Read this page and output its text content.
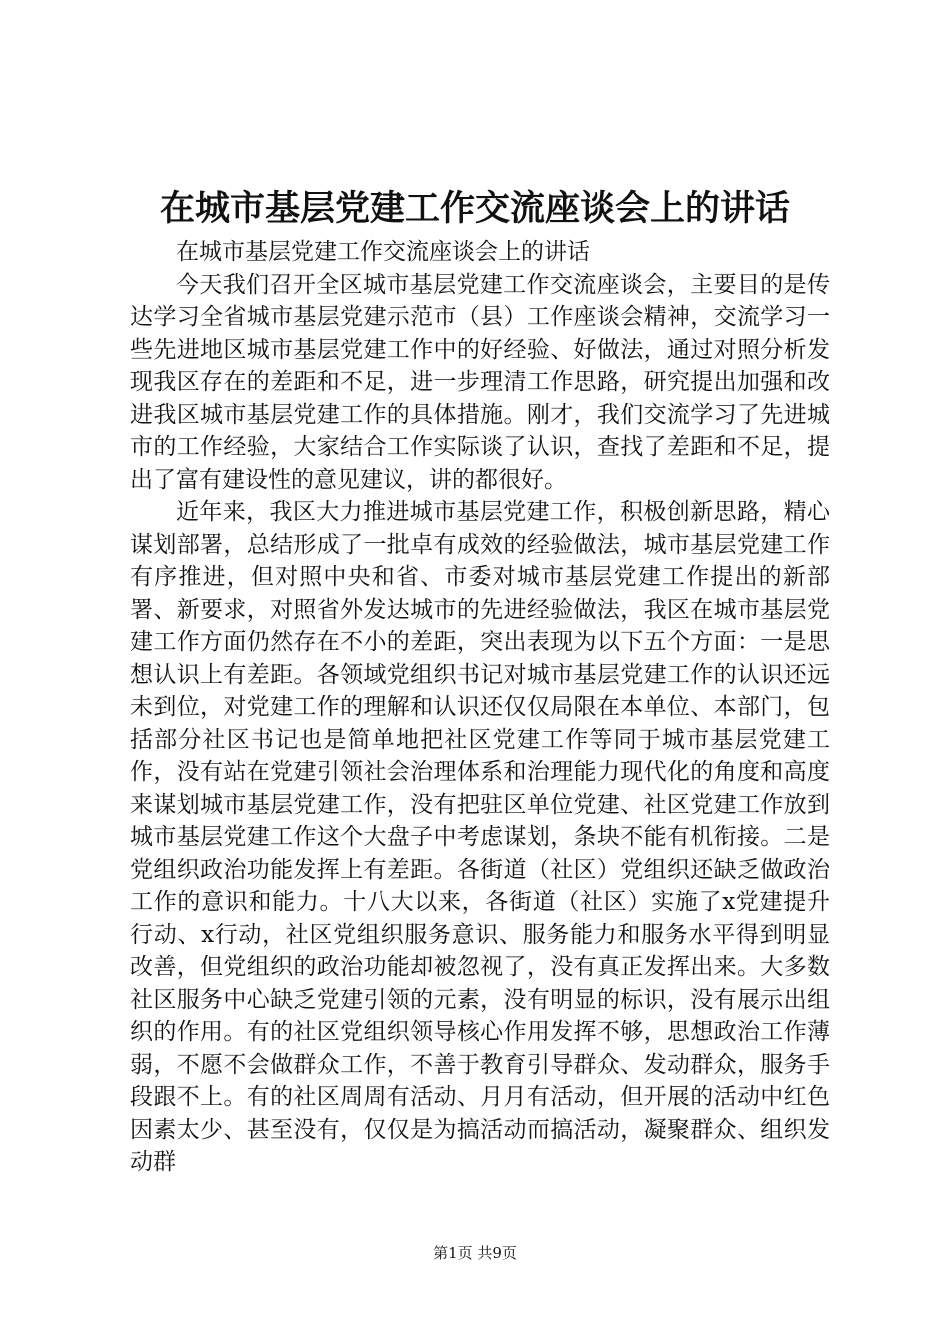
在城市基层党建工作交流座谈会上的讲话

在城市基层党建工作交流座谈会上的讲话

今天我们召开全区城市基层党建工作交流座谈会，主要目的是传达学习全省城市基层党建示范市（县）工作座谈会精神，交流学习一些先进地区城市基层党建工作中的好经验、好做法，通过对照分析发现我区存在的差距和不足，进一步理清工作思路，研究提出加强和改进我区城市基层党建工作的具体措施。刚才，我们交流学习了先进城市的工作经验，大家结合工作实际谈了认识，查找了差距和不足，提出了富有建设性的意见建议，讲的都很好。

近年来，我区大力推进城市基层党建工作，积极创新思路，精心谋划部署，总结形成了一批卓有成效的经验做法，城市基层党建工作有序推进，但对照中央和省、市委对城市基层党建工作提出的新部署、新要求，对照省外发达城市的先进经验做法，我区在城市基层党建工作方面仍然存在不小的差距，突出表现为以下五个方面：一是思想认识上有差距。各领域党组织书记对城市基层党建工作的认识还远未到位，对党建工作的理解和认识还仅仅局限在本单位、本部门，包括部分社区书记也是简单地把社区党建工作等同于城市基层党建工作，没有站在党建引领社会治理体系和治理能力现代化的角度和高度来谋划城市基层党建工作，没有把驻区单位党建、社区党建工作放到城市基层党建工作这个大盘子中考虑谋划，条块不能有机衔接。二是党组织政治功能发挥上有差距。各街道（社区）党组织还缺乏做政治工作的意识和能力。十八大以来，各街道（社区）实施了x党建提升行动、x行动，社区党组织服务意识、服务能力和服务水平得到明显改善，但党组织的政治功能却被忽视了，没有真正发挥出来。大多数社区服务中心缺乏党建引领的元素，没有明显的标识，没有展示出组织的作用。有的社区党组织领导核心作用发挥不够，思想政治工作薄弱，不愿不会做群众工作，不善于教育引导群众、发动群众，服务手段跟不上。有的社区周周有活动、月月有活动，但开展的活动中红色因素太少、甚至没有，仅仅是为搞活动而搞活动，凝聚群众、组织发动群

第1页 共9页
